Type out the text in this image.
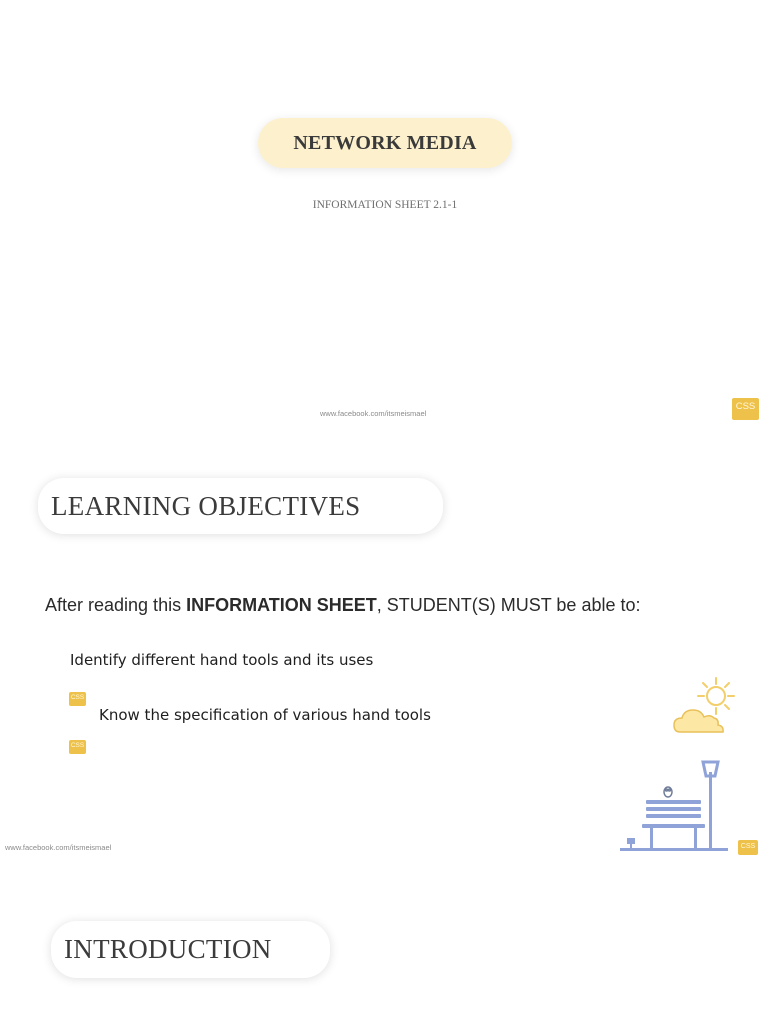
NETWORK MEDIA
INFORMATION SHEET 2.1-1
www.facebook.com/itsmeismael
CSS
LEARNING OBJECTIVES
After reading this INFORMATION SHEET, STUDENT(S) MUST be able to:
Identify different hand tools and its uses
CSS
Know the specification of various hand tools
CSS
www.facebook.com/itsmeismael	CSS
INTRODUCTION
